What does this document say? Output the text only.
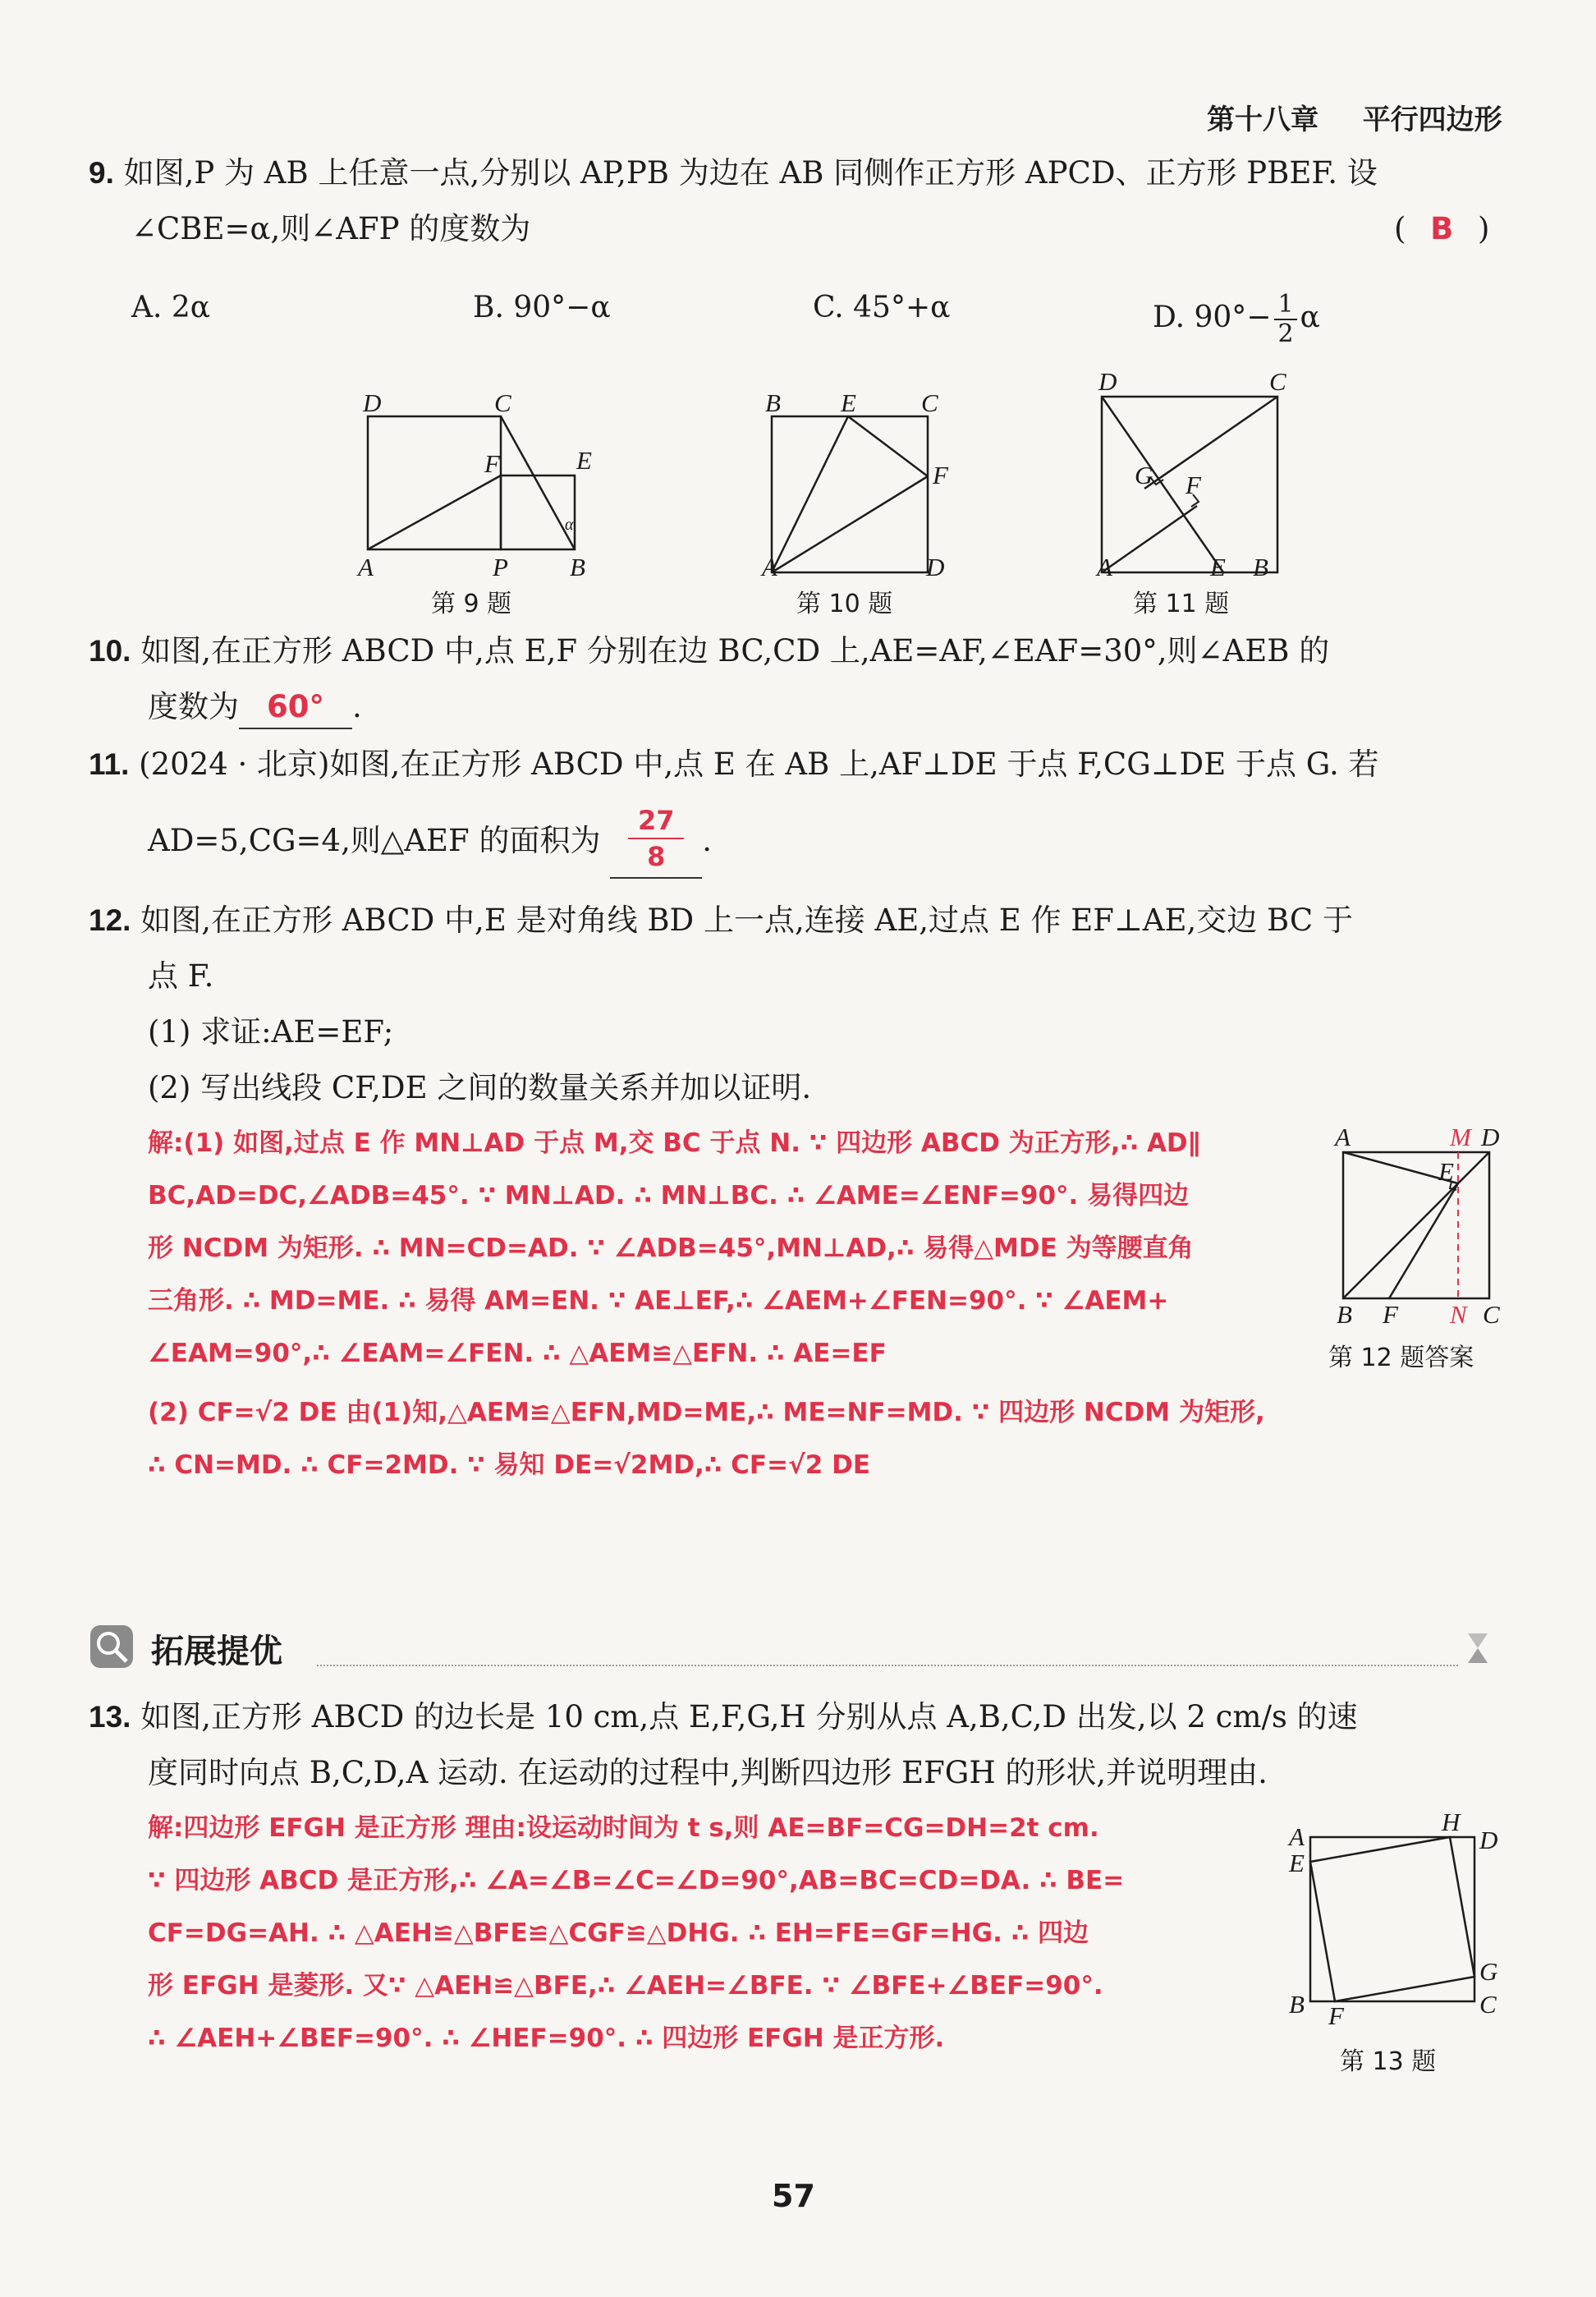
第十八章 平行四边形
9. 如图,P 为 AB 上任意一点,分别以 AP,PB 为边在 AB 同侧作正方形 APCD、正方形 PBEF. 设
∠CBE=α,则∠AFP 的度数为	( B )
A. 2α	B. 90°−α	C. 45°+α	D. $90^\circ- \frac{1}{2}$ α
D	C
F	E
A	P B
α
第 9 题
B E	C
F
A	D
第 10 题
D	C
G F
A	E B
第 11 题
10. 如图,在正方形 ABCD 中,点 E,F 分别在边 BC,CD 上,AE=AF,∠EAF=30°,则∠AEB 的
度数为 60° .
11. (2024 · 北京)如图,在正方形 ABCD 中,点 E 在 AB 上,AF⊥DE 于点 F,CG⊥DE 于点 G. 若
AD=5,CG=4,则△AEF 的面积为
27
8	.
12. 如图,在正方形 ABCD 中,E 是对角线 BD 上一点,连接 AE,过点 E 作 EF⊥AE,交边 BC 于
点 F.
(1) 求证:AE=EF;
(2) 写出线段 CF,DE 之间的数量关系并加以证明.
解:(1) 如图,过点 E 作 MN⊥AD 于点 M,交 BC 于点 N. ∵ 四边形 ABCD 为正方形,∴ AD∥
BC,AD=DC,∠ADB=45°. ∵ MN⊥AD. ∴ MN⊥BC. ∴ ∠AME=∠ENF=90°. 易得四边
形 NCDM 为矩形. ∴ MN=CD=AD. ∵ ∠ADB=45°,MN⊥AD,∴ 易得△MDE 为等腰直角
三角形. ∴ MD=ME. ∴ 易得 AM=EN. ∵ AE⊥EF,∴ ∠AEM+∠FEN=90°. ∵ ∠AEM+
∠EAM=90°,∴ ∠EAM=∠FEN. ∴ △AEM≌△EFN. ∴ AE=EF
(2) CF=√2 DE 由(1)知,△AEM≌△EFN,MD=ME,∴ ME=NF=MD. ∵ 四边形 NCDM 为矩形,
∴ CN=MD. ∴ CF=2MD. ∵ 易知 DE=√2MD,∴ CF=√2 DE
A	M D
E
B F N C
第 12 题答案
拓展提优
13. 如图,正方形 ABCD 的边长是 10 cm,点 E,F,G,H 分别从点 A,B,C,D 出发,以 2 cm/s 的速
度同时向点 B,C,D,A 运动. 在运动的过程中,判断四边形 EFGH 的形状,并说明理由.
解:四边形 EFGH 是正方形 理由:设运动时间为 t s,则 AE=BF=CG=DH=2t cm.
∵ 四边形 ABCD 是正方形,∴ ∠A=∠B=∠C=∠D=90°,AB=BC=CD=DA. ∴ BE=
CF=DG=AH. ∴ △AEH≌△BFE≌△CGF≌△DHG. ∴ EH=FE=GF=HG. ∴ 四边
形 EFGH 是菱形. 又∵ △AEH≌△BFE,∴ ∠AEH=∠BFE. ∵ ∠BFE+∠BEF=90°.
∴ ∠AEH+∠BEF=90°. ∴ ∠HEF=90°. ∴ 四边形 EFGH 是正方形.
A
H
D
E
G
B F	C
第 13 题
57
